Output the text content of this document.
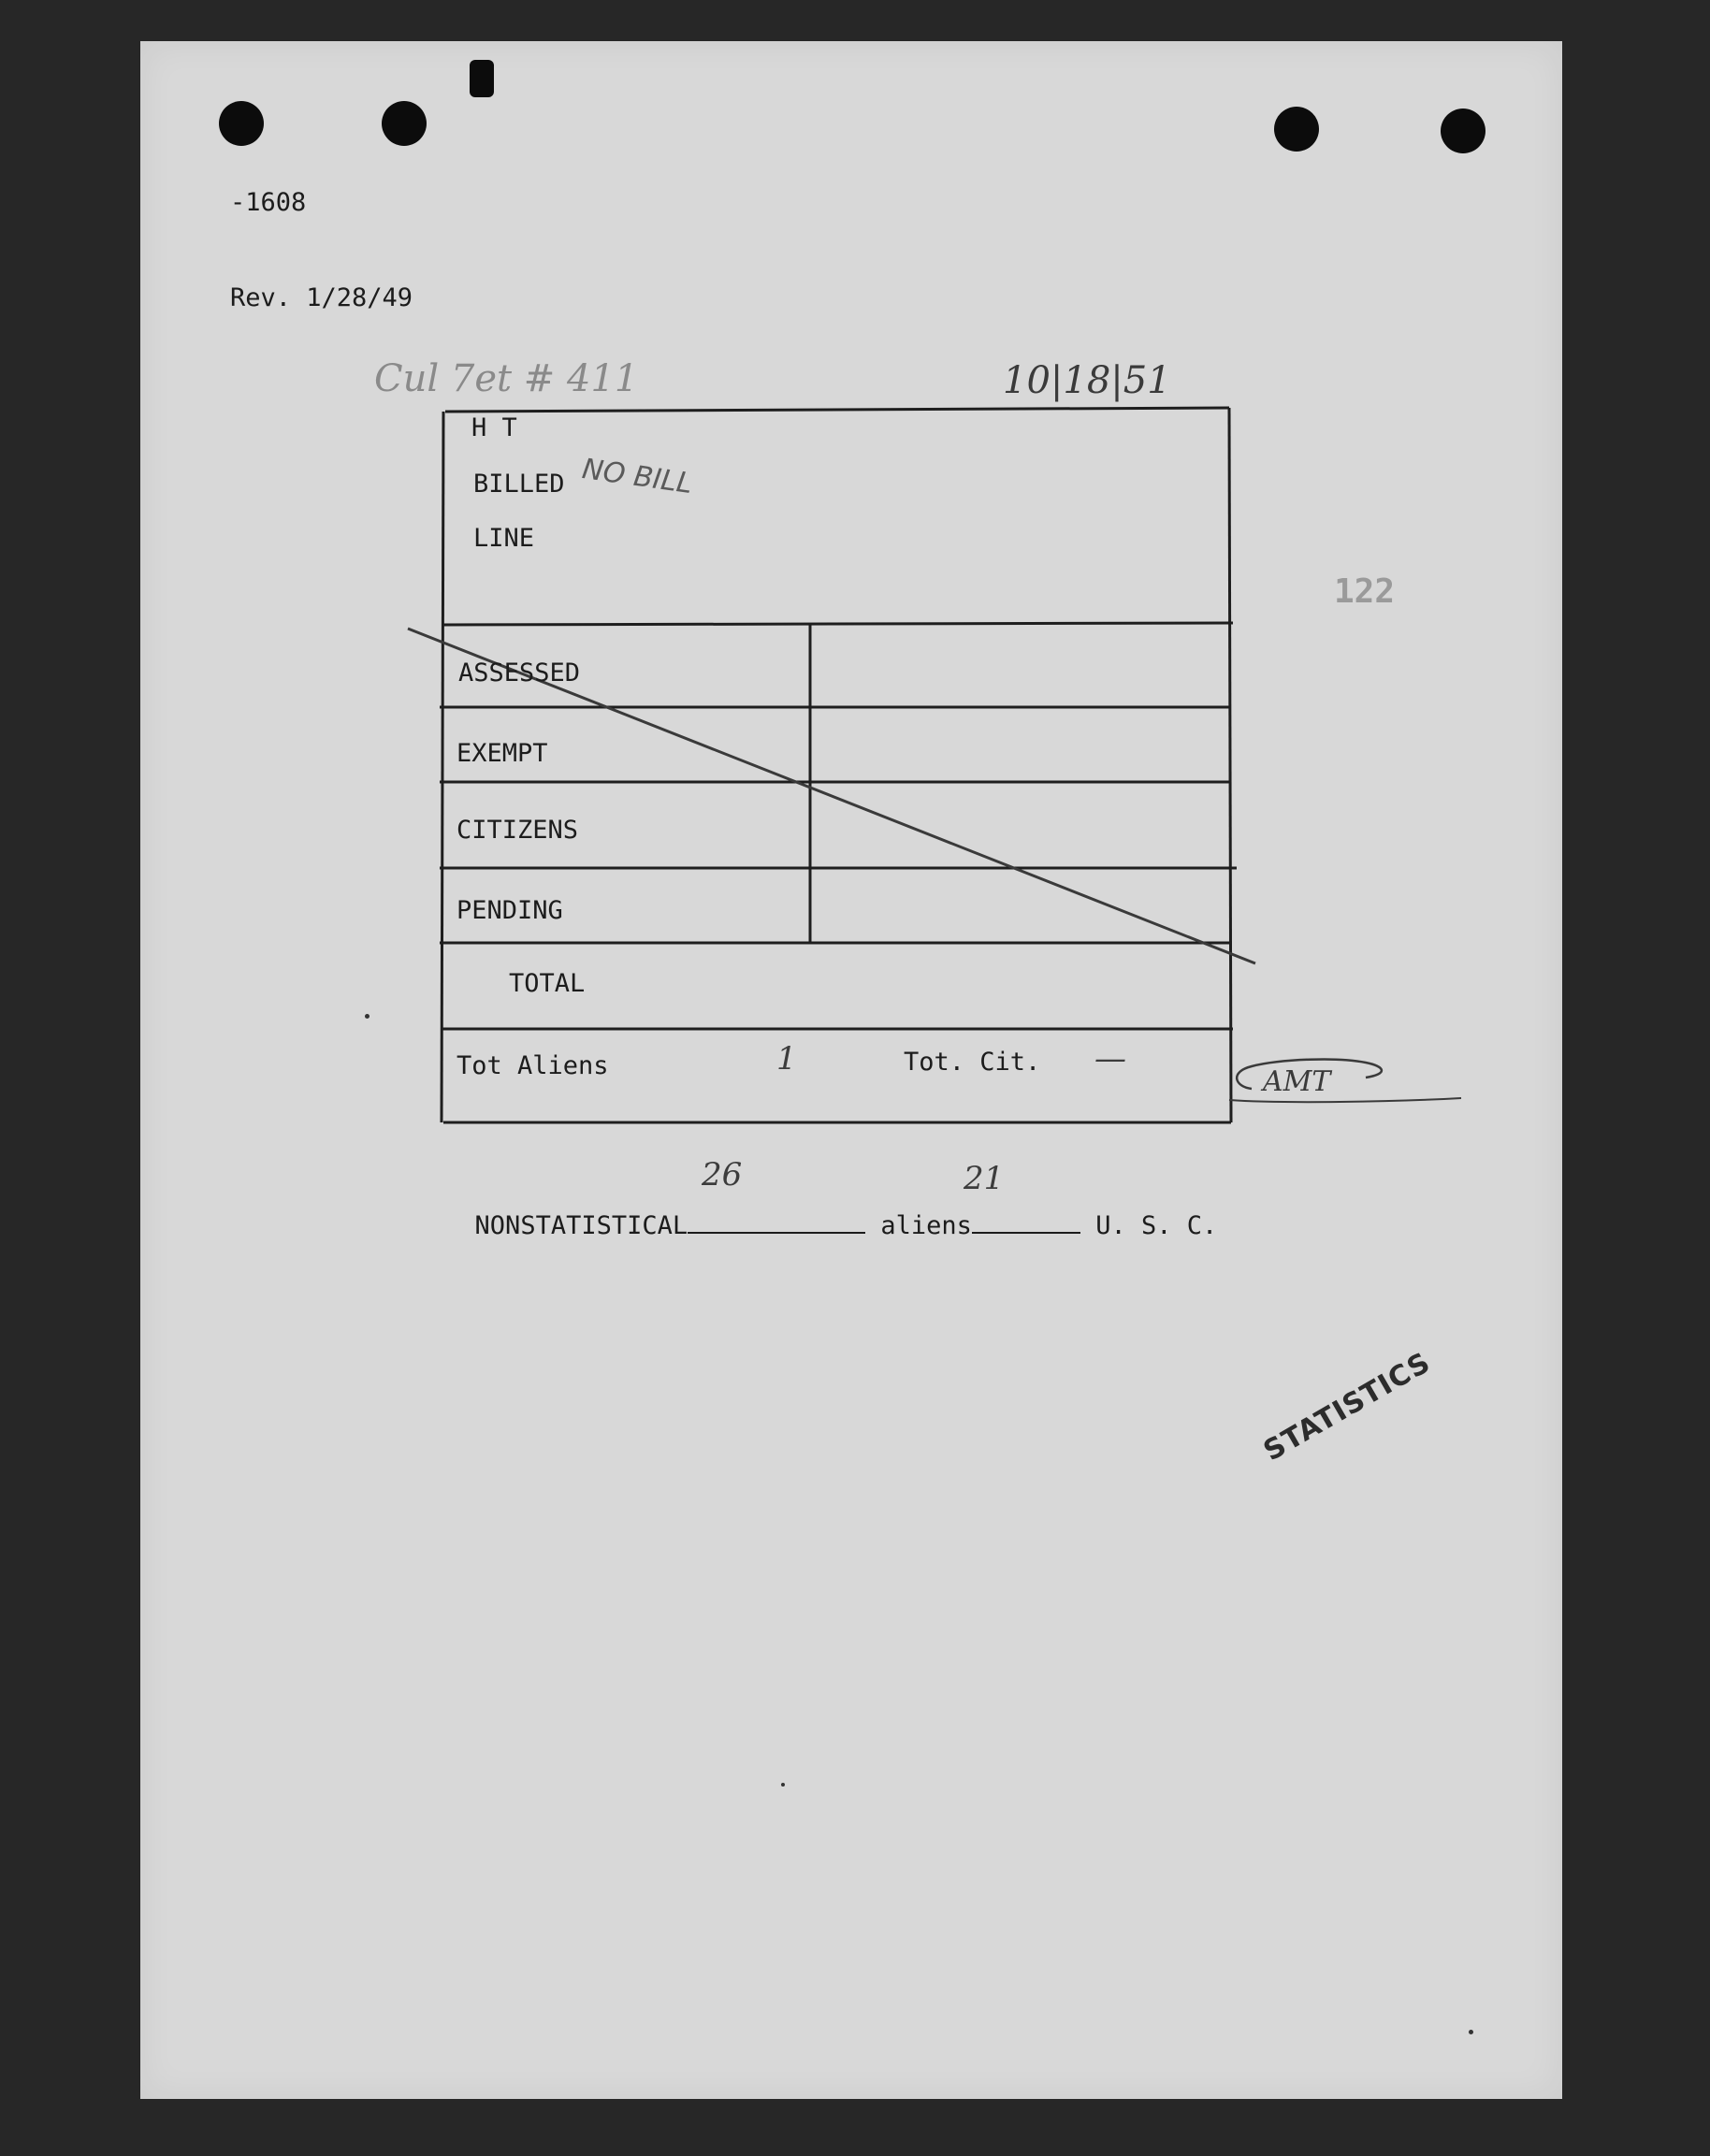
-1608

Rev. 1/28/49

Cul 7et # 411	10|18|51
122
H T
BILLED
LINE
NO BILL
ASSESSED
EXEMPT
CITIZENS
PENDING
TOTAL
Tot Aliens	1	Tot. Cit. —
AMT

NONSTATISTICAL	aliens	U. S. C.

26	21
STATISTICS
